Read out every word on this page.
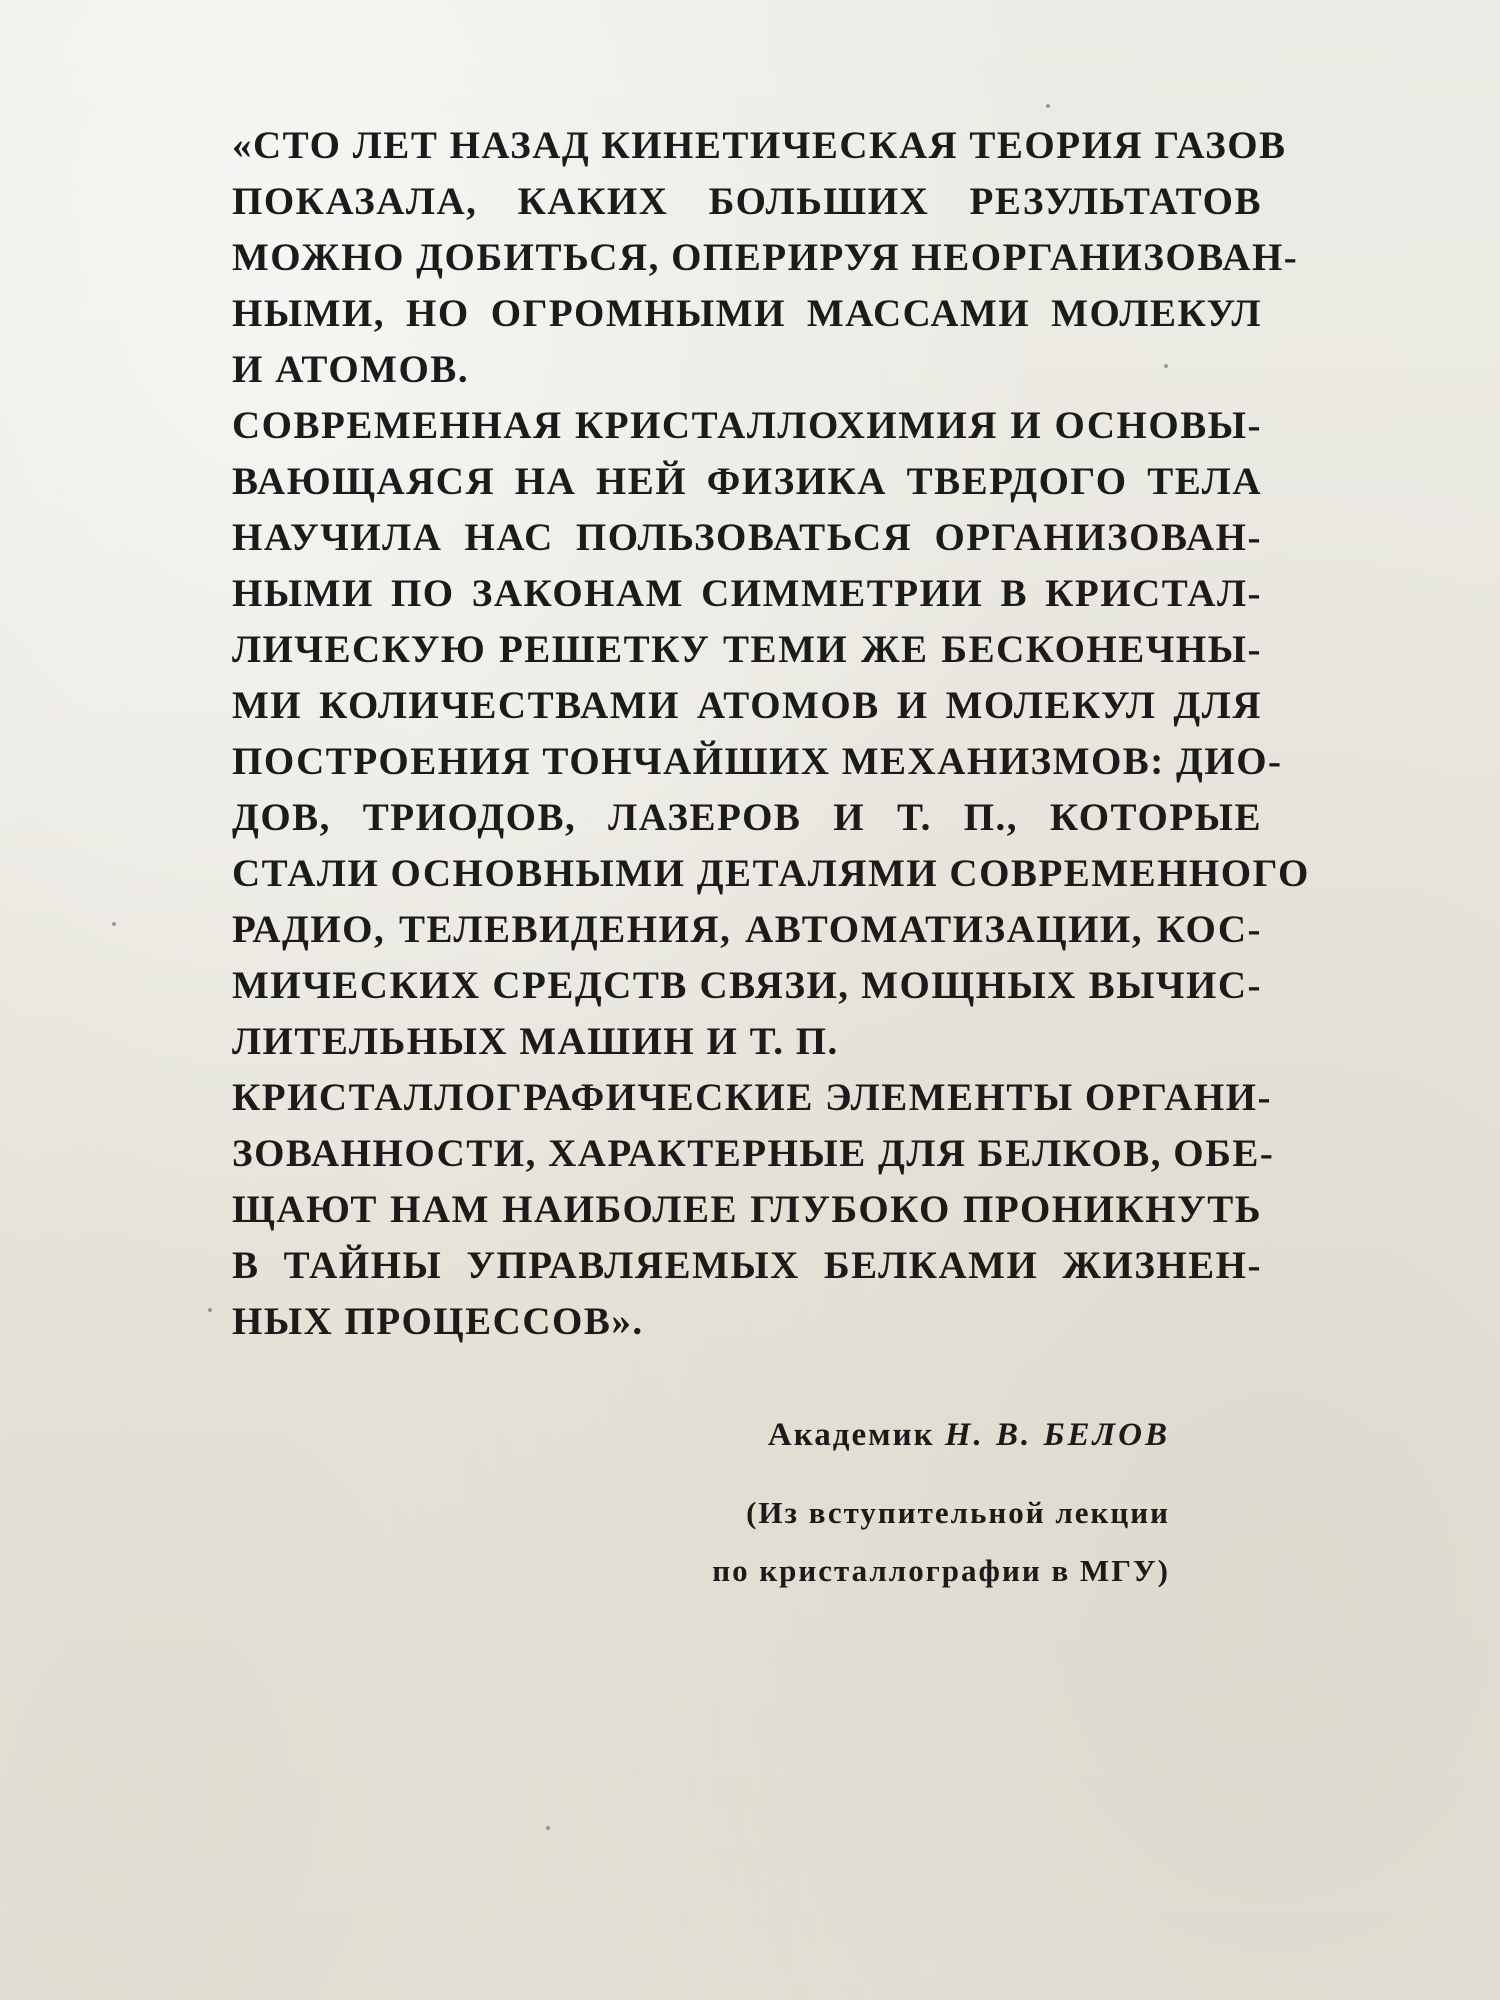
«СТО ЛЕТ НАЗАД КИНЕТИЧЕСКАЯ ТЕОРИЯ ГАЗОВ
ПОКАЗАЛА, КАКИХ БОЛЬШИХ РЕЗУЛЬТАТОВ
МОЖНО ДОБИТЬСЯ, ОПЕРИРУЯ НЕОРГАНИЗОВАН-
НЫМИ, НО ОГРОМНЫМИ МАССАМИ МОЛЕКУЛ
И АТОМОВ.
СОВРЕМЕННАЯ КРИСТАЛЛОХИМИЯ И ОСНОВЫ-
ВАЮЩАЯСЯ НА НЕЙ ФИЗИКА ТВЕРДОГО ТЕЛА
НАУЧИЛА НАС ПОЛЬЗОВАТЬСЯ ОРГАНИЗОВАН-
НЫМИ ПО ЗАКОНАМ СИММЕТРИИ В КРИСТАЛ-
ЛИЧЕСКУЮ РЕШЕТКУ ТЕМИ ЖЕ БЕСКОНЕЧНЫ-
МИ КОЛИЧЕСТВАМИ АТОМОВ И МОЛЕКУЛ ДЛЯ
ПОСТРОЕНИЯ ТОНЧАЙШИХ МЕХАНИЗМОВ: ДИО-
ДОВ, ТРИОДОВ, ЛАЗЕРОВ И Т. П., КОТОРЫЕ
СТАЛИ ОСНОВНЫМИ ДЕТАЛЯМИ СОВРЕМЕННОГО
РАДИО, ТЕЛЕВИДЕНИЯ, АВТОМАТИЗАЦИИ, КОС-
МИЧЕСКИХ СРЕДСТВ СВЯЗИ, МОЩНЫХ ВЫЧИС-
ЛИТЕЛЬНЫХ МАШИН И Т. П.
КРИСТАЛЛОГРАФИЧЕСКИЕ ЭЛЕМЕНТЫ ОРГАНИ-
ЗОВАННОСТИ, ХАРАКТЕРНЫЕ ДЛЯ БЕЛКОВ, ОБЕ-
ЩАЮТ НАМ НАИБОЛЕЕ ГЛУБОКО ПРОНИКНУТЬ
В ТАЙНЫ УПРАВЛЯЕМЫХ БЕЛКАМИ ЖИЗНЕН-
НЫХ ПРОЦЕССОВ».
Академик Н. В. БЕЛОВ
(Из вступительной лекции
по кристаллографии в МГУ)
